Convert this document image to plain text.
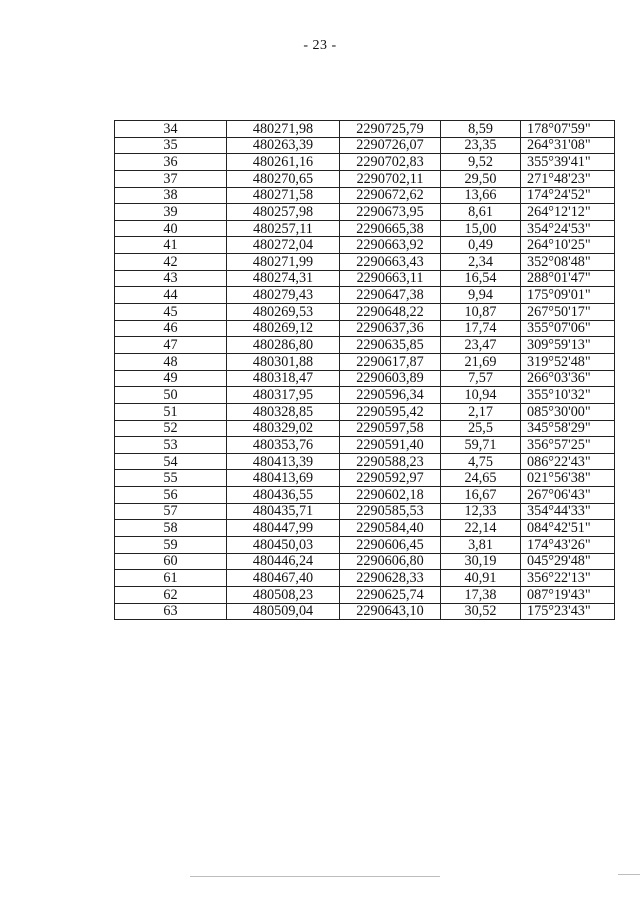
- 23 -
34	480271,98	2290725,79	8,59	178°07'59"
35	480263,39	2290726,07	23,35	264°31'08"
36	480261,16	2290702,83	9,52	355°39'41"
37	480270,65	2290702,11	29,50	271°48'23"
38	480271,58	2290672,62	13,66	174°24'52"
39	480257,98	2290673,95	8,61	264°12'12"
40	480257,11	2290665,38	15,00	354°24'53"
41	480272,04	2290663,92	0,49	264°10'25"
42	480271,99	2290663,43	2,34	352°08'48"
43	480274,31	2290663,11	16,54	288°01'47"
44	480279,43	2290647,38	9,94	175°09'01"
45	480269,53	2290648,22	10,87	267°50'17"
46	480269,12	2290637,36	17,74	355°07'06"
47	480286,80	2290635,85	23,47	309°59'13"
48	480301,88	2290617,87	21,69	319°52'48"
49	480318,47	2290603,89	7,57	266°03'36"
50	480317,95	2290596,34	10,94	355°10'32"
51	480328,85	2290595,42	2,17	085°30'00"
52	480329,02	2290597,58	25,5	345°58'29"
53	480353,76	2290591,40	59,71	356°57'25"
54	480413,39	2290588,23	4,75	086°22'43"
55	480413,69	2290592,97	24,65	021°56'38"
56	480436,55	2290602,18	16,67	267°06'43"
57	480435,71	2290585,53	12,33	354°44'33"
58	480447,99	2290584,40	22,14	084°42'51"
59	480450,03	2290606,45	3,81	174°43'26"
60	480446,24	2290606,80	30,19	045°29'48"
61	480467,40	2290628,33	40,91	356°22'13"
62	480508,23	2290625,74	17,38	087°19'43"
63	480509,04	2290643,10	30,52	175°23'43"
